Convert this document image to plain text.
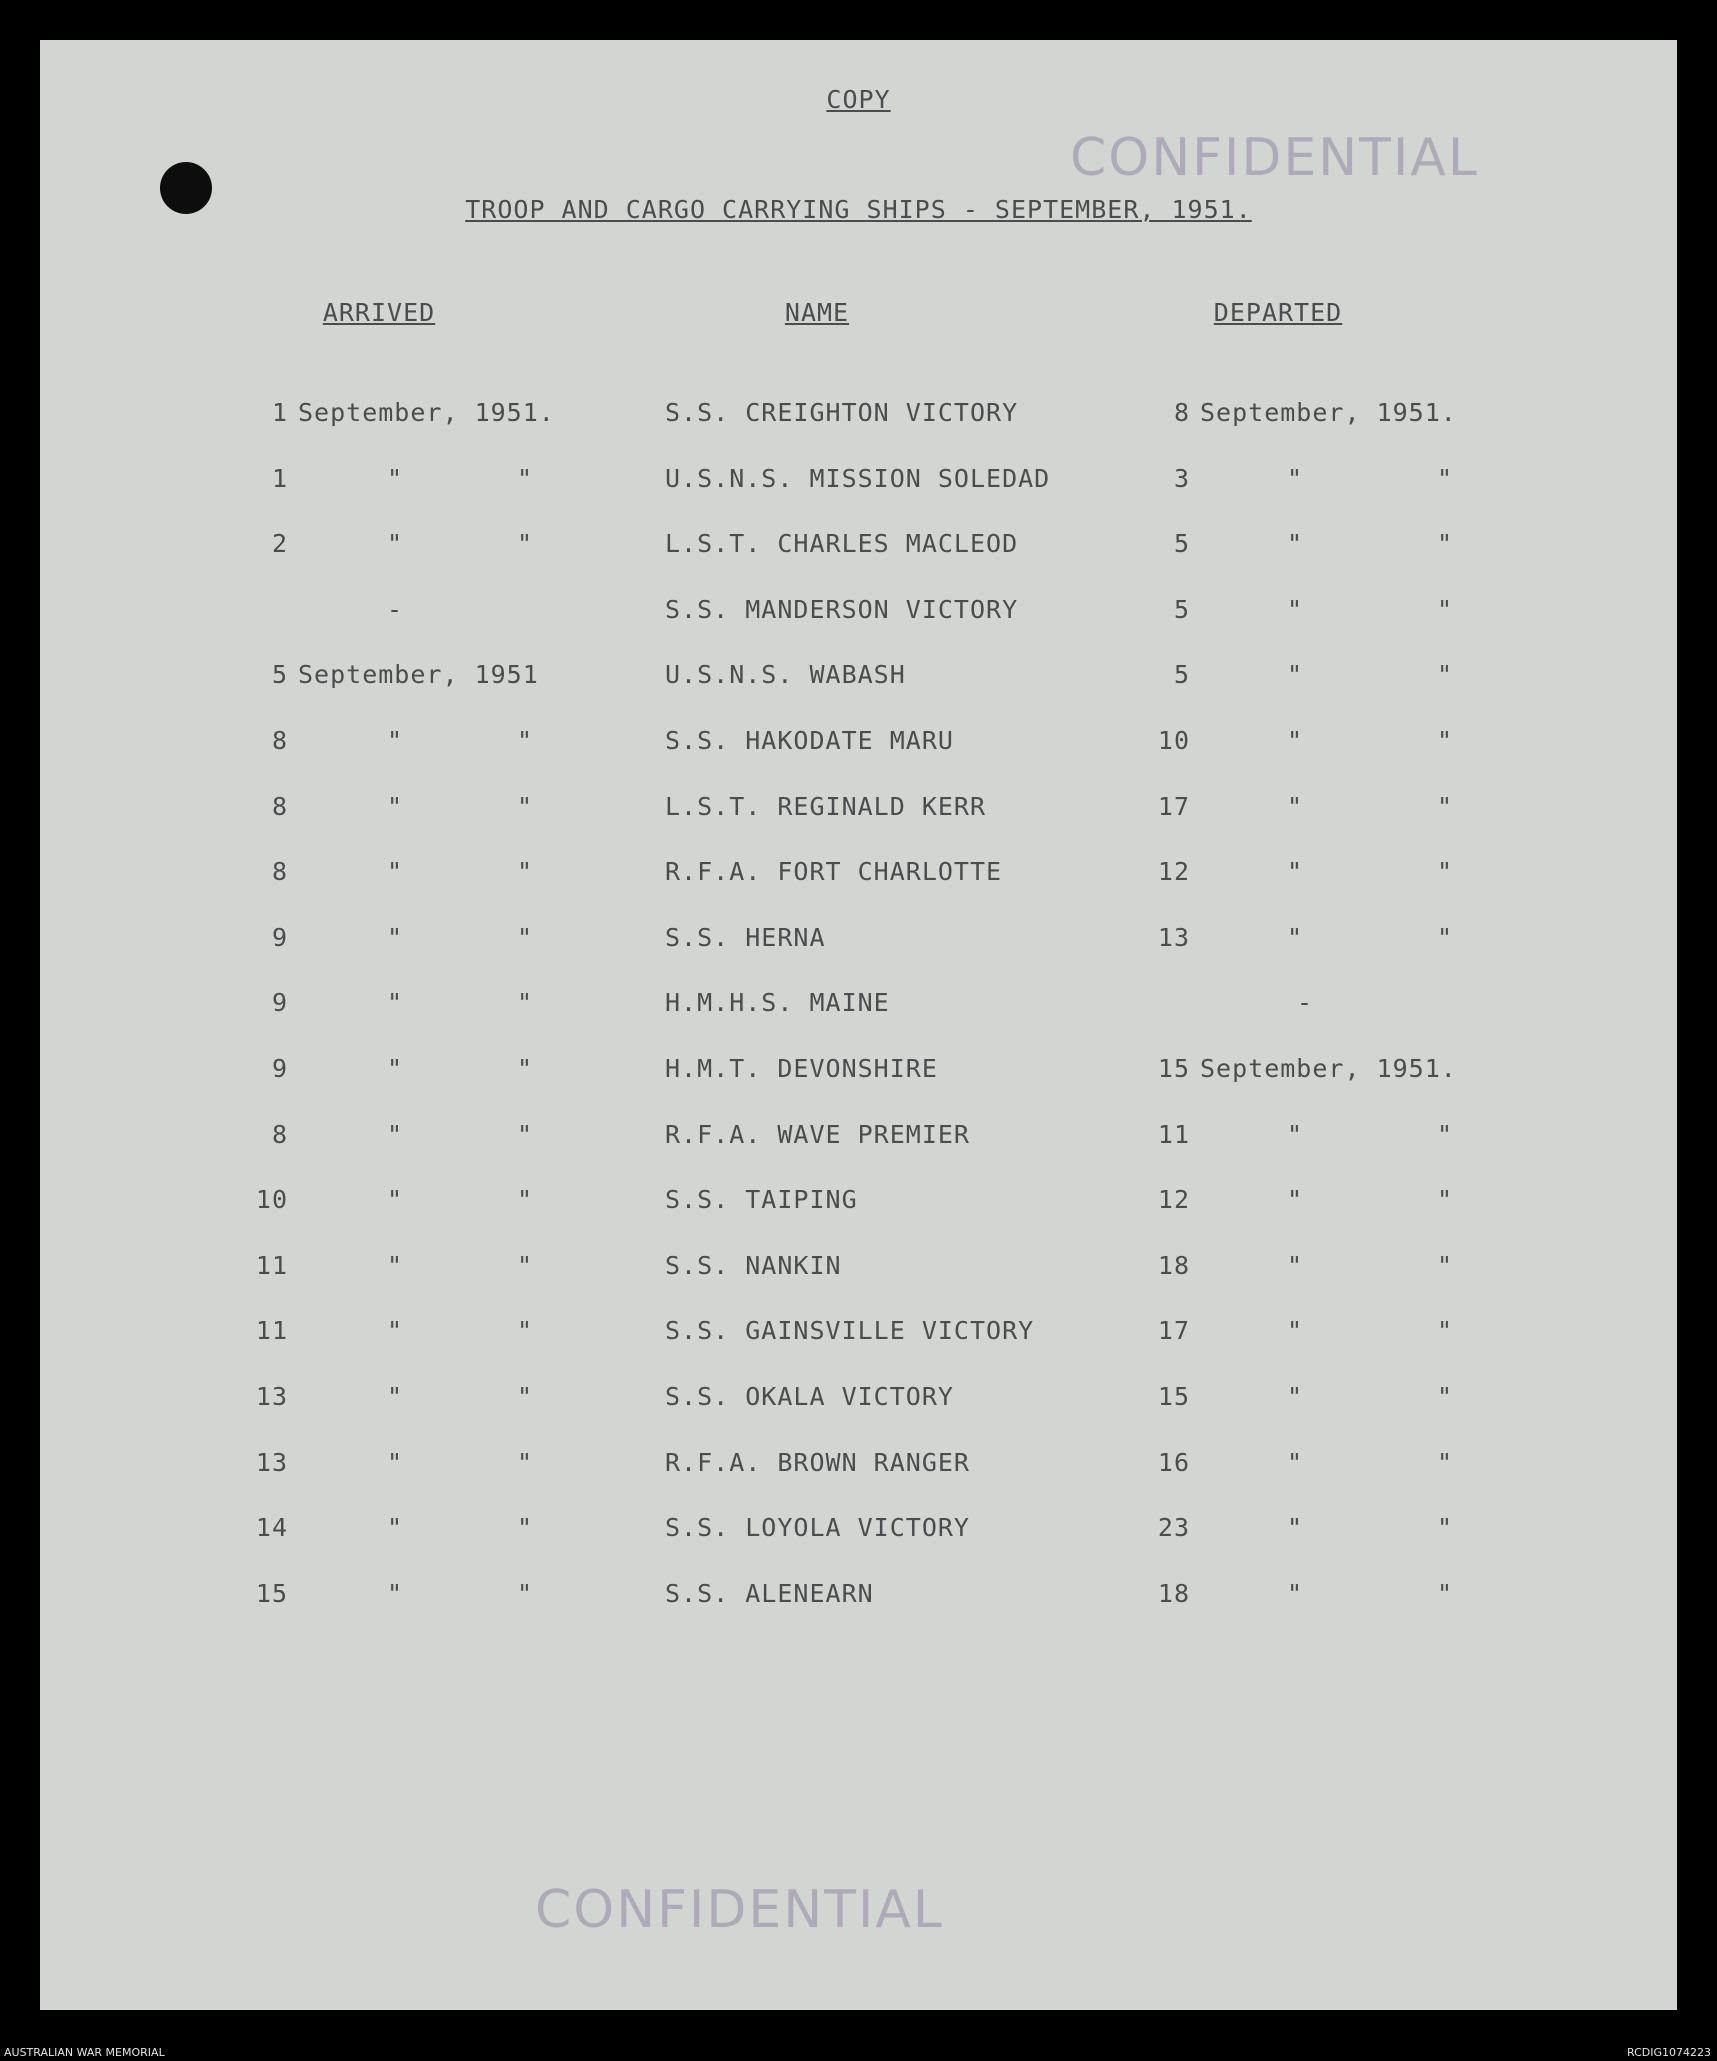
COPY
CONFIDENTIAL
TROOP AND CARGO CARRYING SHIPS - SEPTEMBER, 1951.
ARRIVED	NAME	DEPARTED
1 September, 1951.	S.S. CREIGHTON VICTORY	8 September, 1951.
1	"	"	U.S.N.S. MISSION SOLEDAD	3	"	"
2	"	"	L.S.T. CHARLES MACLEOD	5	"	"
-	S.S. MANDERSON VICTORY	5	"	"
5 September, 1951	U.S.N.S. WABASH	5	"	"
8	"	"	S.S. HAKODATE MARU	10	"	"
8	"	"	L.S.T. REGINALD KERR	17	"	"
8	"	"	R.F.A. FORT CHARLOTTE	12	"	"
9	"	"	S.S. HERNA	13	"	"
9	"	"	H.M.H.S. MAINE	-
9	"	"	H.M.T. DEVONSHIRE	15 September, 1951.
8	"	"	R.F.A. WAVE PREMIER	11	"	"
10	"	"	S.S. TAIPING	12	"	"
11	"	"	S.S. NANKIN	18	"	"
11	"	"	S.S. GAINSVILLE VICTORY	17	"	"
13	"	"	S.S. OKALA VICTORY	15	"	"
13	"	"	R.F.A. BROWN RANGER	16	"	"
14	"	"	S.S. LOYOLA VICTORY	23	"	"
15	"	"	S.S. ALENEARN	18	"	"
CONFIDENTIAL
AUSTRALIAN WAR MEMORIAL	RCDIG1074223
